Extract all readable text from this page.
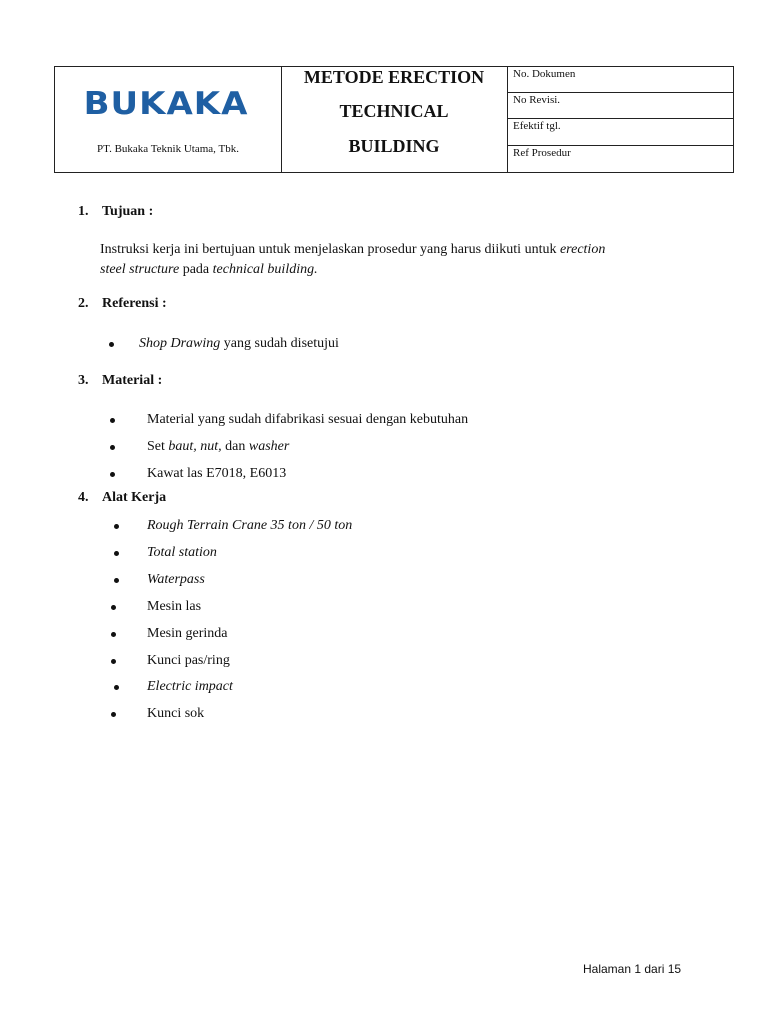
BUKAKA
PT. Bukaka Teknik Utama, Tbk.
METODE ERECTION
TECHNICAL
BUILDING
No. Dokumen
No Revisi.
Efektif tgl.
Ref Prosedur
1. Tujuan :
Instruksi kerja ini bertujuan untuk menjelaskan prosedur yang harus diikuti untuk erection
steel structure pada technical building.
2. Referensi :
Shop Drawing yang sudah disetujui
3. Material :
Material yang sudah difabrikasi sesuai dengan kebutuhan
Set baut, nut, dan washer
Kawat las E7018, E6013
4. Alat Kerja
Rough Terrain Crane 35 ton / 50 ton
Total station
Waterpass
Mesin las
Mesin gerinda
Kunci pas/ring
Electric impact
Kunci sok
Halaman 1 dari 15
